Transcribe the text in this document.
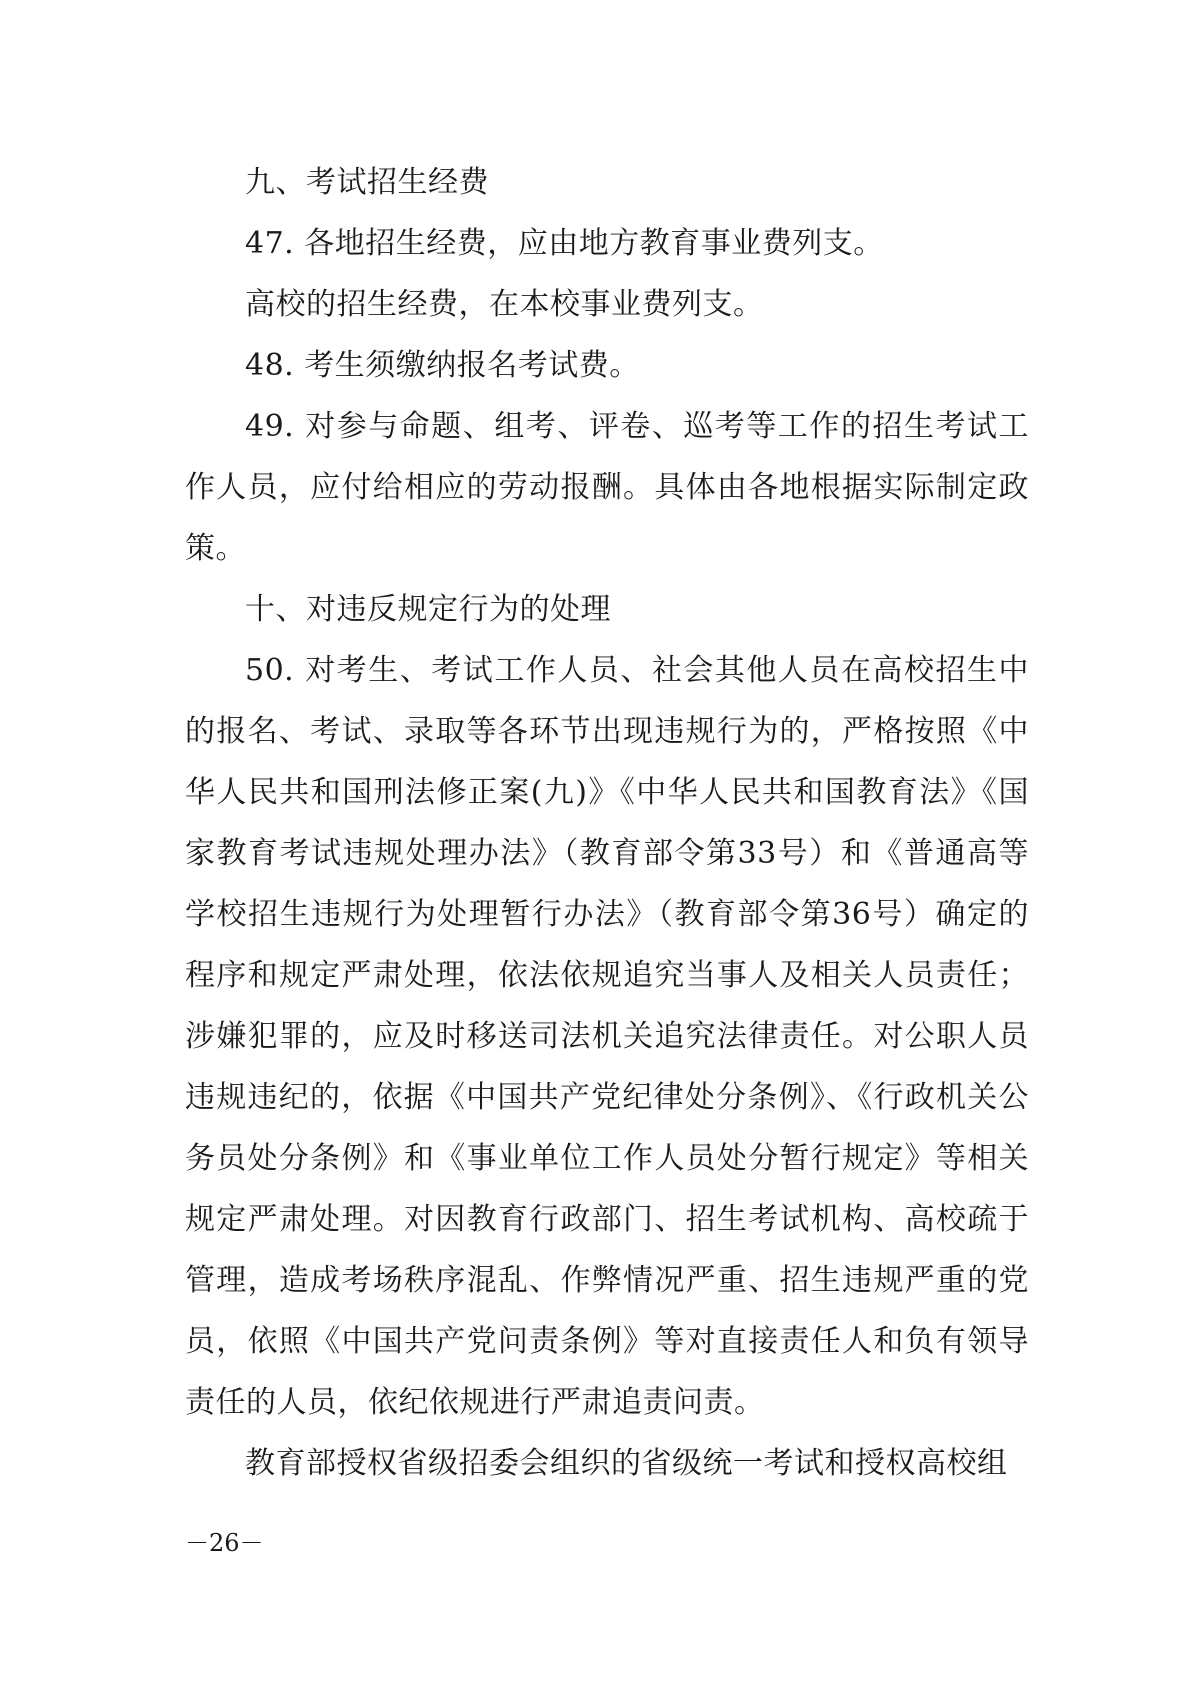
九、考试招生经费

47. 各地招生经费，应由地方教育事业费列支。

高校的招生经费，在本校事业费列支。

48. 考生须缴纳报名考试费。

49. 对参与命题、组考、评卷、巡考等工作的招生考试工作人员，应付给相应的劳动报酬。具体由各地根据实际制定政策。

十、对违反规定行为的处理

50. 对考生、考试工作人员、社会其他人员在高校招生中的报名、考试、录取等各环节出现违规行为的，严格按照《中华人民共和国刑法修正案(九)》《中华人民共和国教育法》《国家教育考试违规处理办法》（教育部令第33号）和《普通高等学校招生违规行为处理暂行办法》（教育部令第36号）确定的程序和规定严肃处理，依法依规追究当事人及相关人员责任；涉嫌犯罪的，应及时移送司法机关追究法律责任。对公职人员违规违纪的，依据《中国共产党纪律处分条例》、《行政机关公务员处分条例》和《事业单位工作人员处分暂行规定》等相关规定严肃处理。对因教育行政部门、招生考试机构、高校疏于管理，造成考场秩序混乱、作弊情况严重、招生违规严重的党员，依照《中国共产党问责条例》等对直接责任人和负有领导责任的人员，依纪依规进行严肃追责问责。

教育部授权省级招委会组织的省级统一考试和授权高校组

－26－
